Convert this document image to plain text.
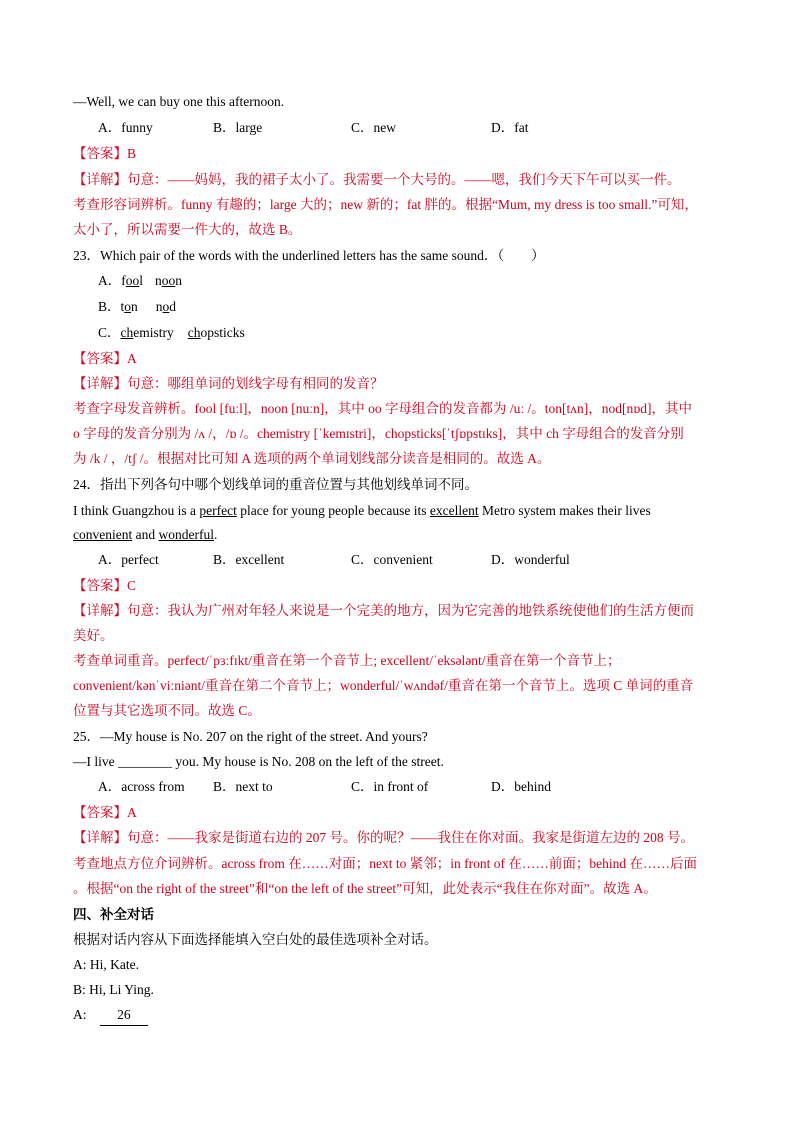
—Well, we can buy one this afternoon.
A．funny	B．large	C．new	D．fat
【答案】B
【详解】句意：——妈妈，我的裙子太小了。我需要一个大号的。——嗯，我们今天下午可以买一件。
考查形容词辨析。funny 有趣的；large 大的；new 新的；fat 胖的。根据“Mum, my dress is too small.”可知，
太小了，所以需要一件大的，故选 B。
23．Which pair of the words with the underlined letters has the same sound．（　　）
A．fool noon
B．ton nod
C．chemistry chopsticks
【答案】A
【详解】句意：哪组单词的划线字母有相同的发音？
考查字母发音辨析。fool [fuːl]，noon [nuːn]，其中 oo 字母组合的发音都为 /uː /。ton[tʌn]，nod[nɒd]，其中
o 字母的发音分别为 /ʌ /，/ɒ /。chemistry [ˈkemɪstri]，chopsticks[ˈtʃɒpstɪks]，其中 ch 字母组合的发音分别
为 /k / ，/tʃ /。根据对比可知 A 选项的两个单词划线部分读音是相同的。故选 A。
24．指出下列各句中哪个划线单词的重音位置与其他划线单词不同。
I think Guangzhou is a perfect place for young people because its excellent Metro system makes their lives
convenient and wonderful.
A．perfect	B．excellent	C．convenient	D．wonderful
【答案】C
【详解】句意：我认为广州对年轻人来说是一个完美的地方，因为它完善的地铁系统使他们的生活方便而
美好。
考查单词重音。perfect/ˈpɜːfɪkt/重音在第一个音节上; excellent/ˈeksələnt/重音在第一个音节上；
convenient/kənˈviːniənt/重音在第二个音节上；wonderful/ˈwʌndəf/重音在第一个音节上。选项 C 单词的重音
位置与其它选项不同。故选 C。
25．—My house is No. 207 on the right of the street. And yours?
—I live ________ you. My house is No. 208 on the left of the street.
A．across from B．next to	C．in front of	D．behind
【答案】A
【详解】句意：——我家是街道右边的 207 号。你的呢？——我住在你对面。我家是街道左边的 208 号。
考查地点方位介词辨析。across from 在……对面；next to 紧邻；in front of 在……前面；behind 在……后面
。根据“on the right of the street”和“on the left of the street”可知，此处表示“我住在你对面”。故选 A。
四、补全对话
根据对话内容从下面选择能填入空白处的最佳选项补全对话。
A: Hi, Kate.
B: Hi, Li Ying.
A: 26
